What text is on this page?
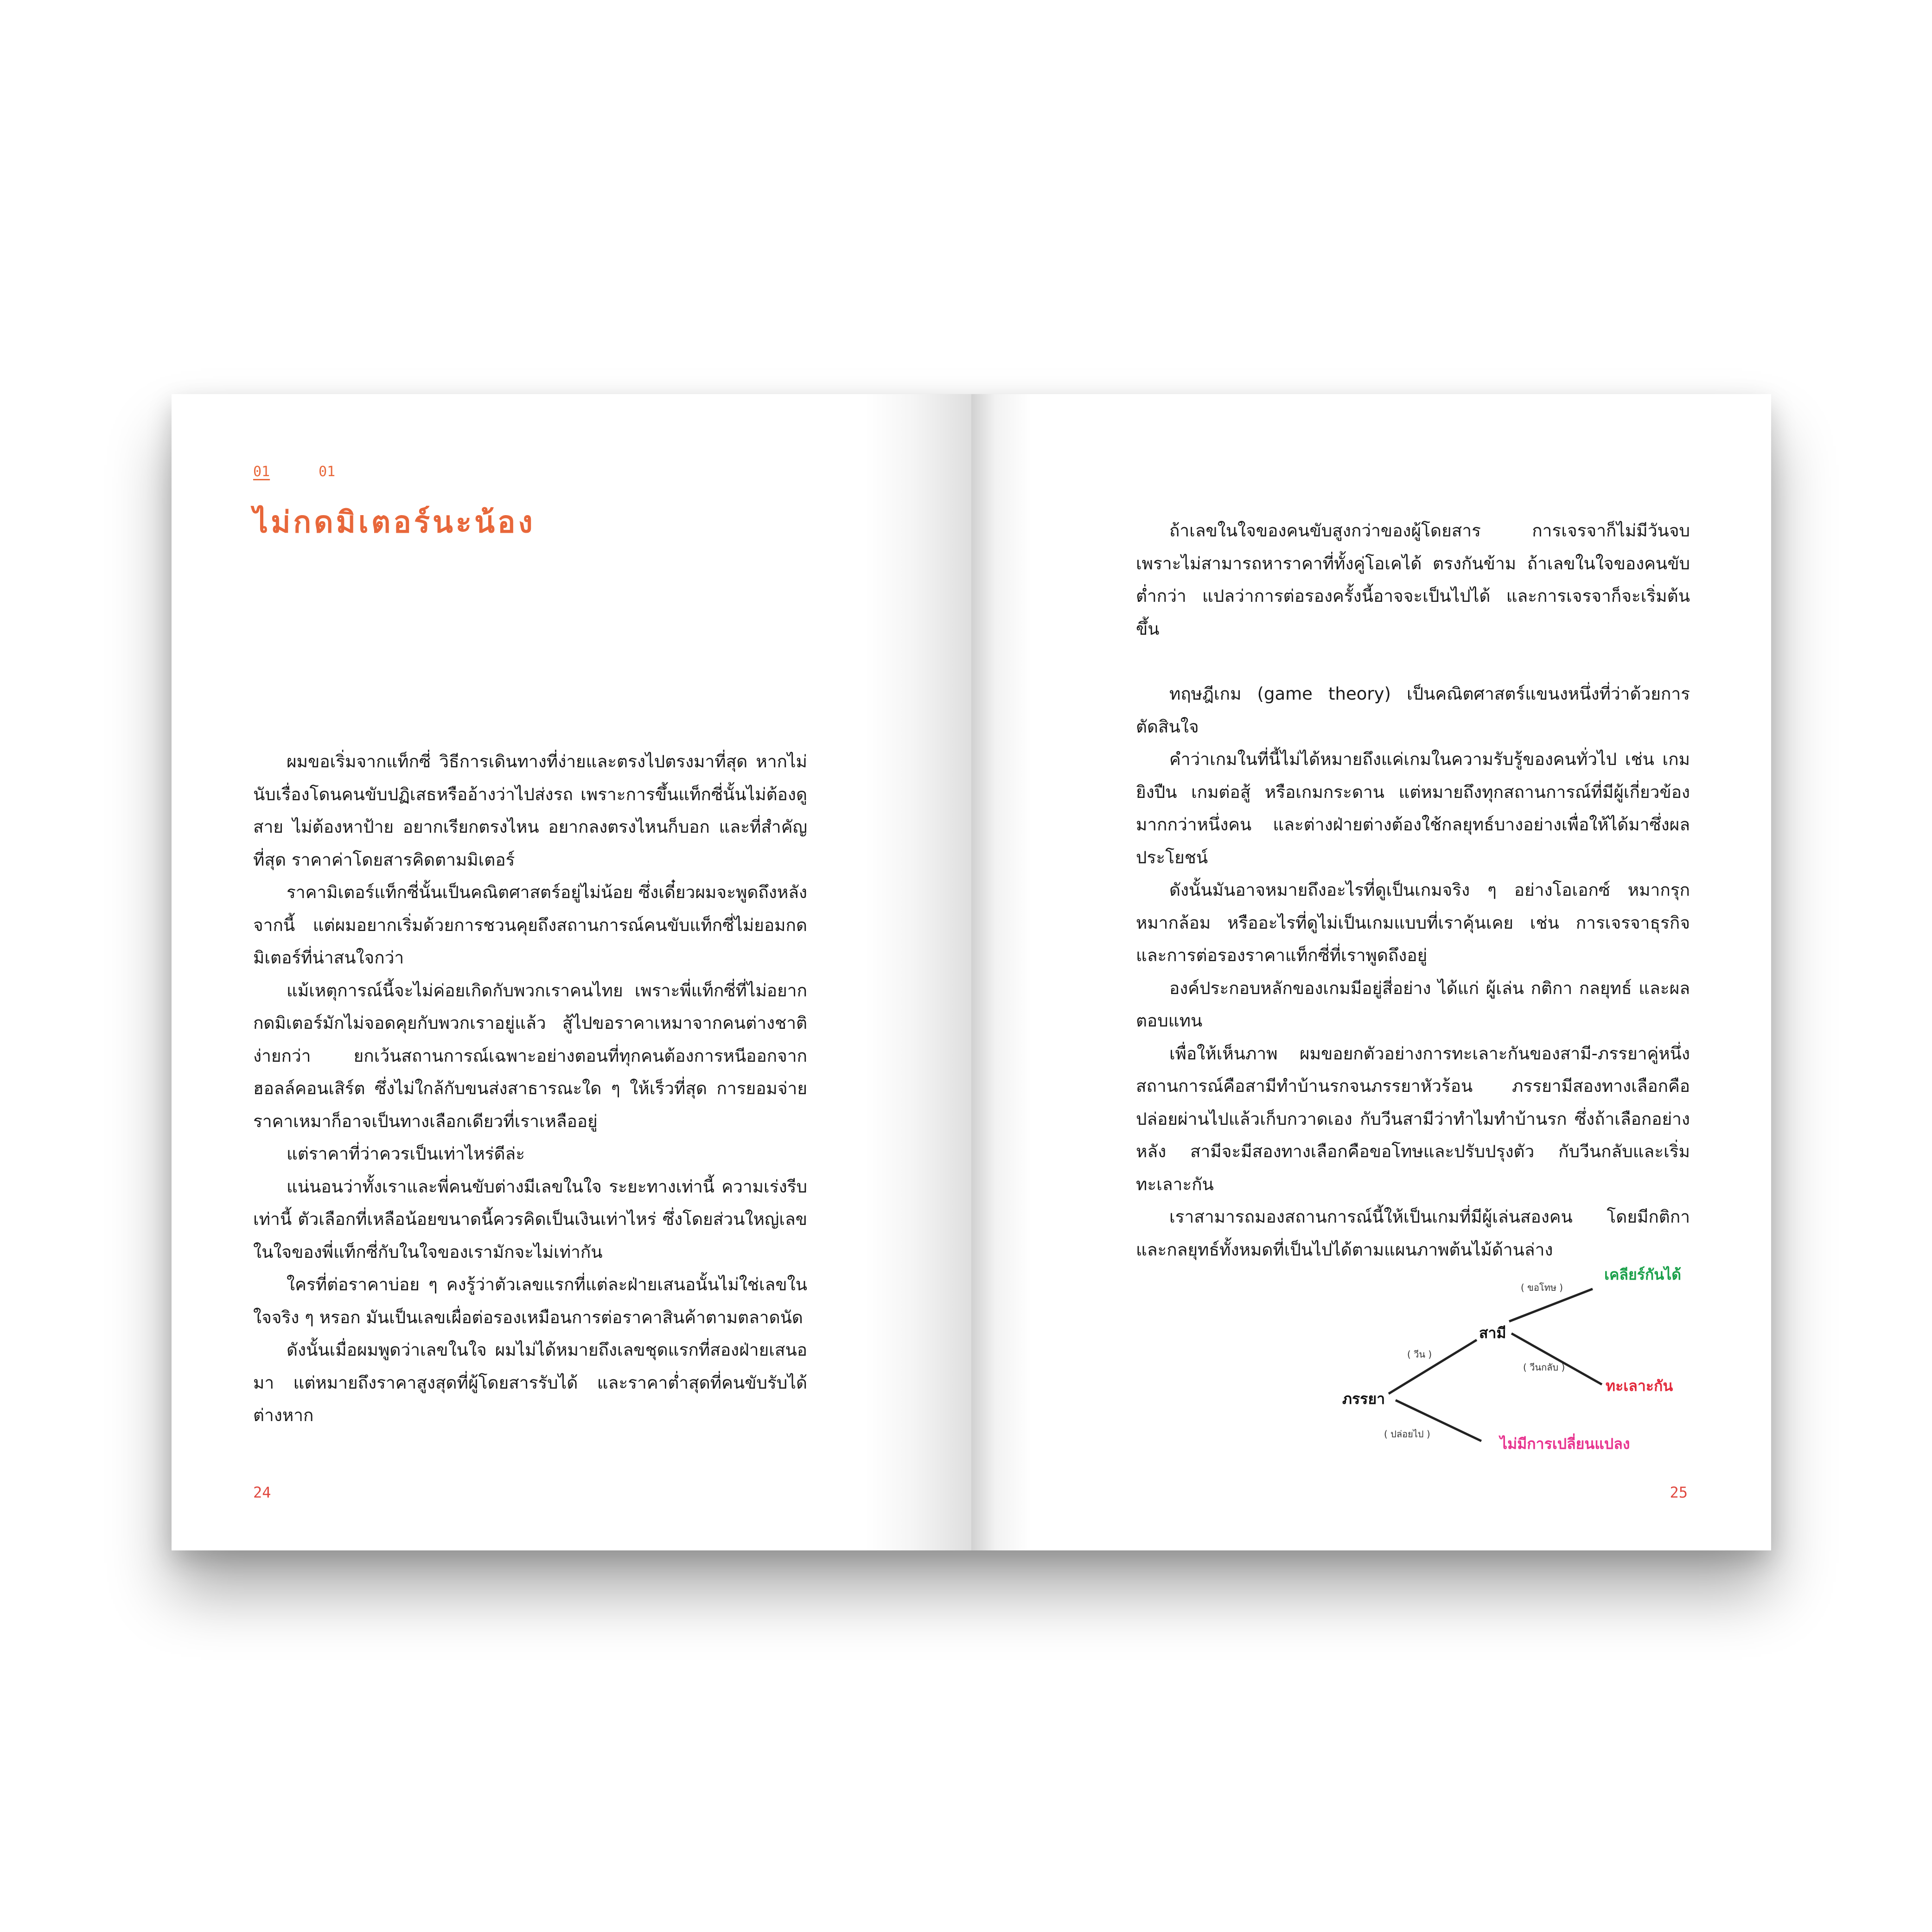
01	01
ไม่กดมิเตอร์นะน้อง

ผมขอเริ่มจากแท็กซี่ วิธีการเดินทางที่ง่ายและตรงไปตรงมาที่สุด หากไม่นับเรื่องโดนคนขับปฏิเสธหรืออ้างว่าไปส่งรถ เพราะการขึ้นแท็กซี่นั้นไม่ต้องดูสาย ไม่ต้องหาป้าย อยากเรียกตรงไหน อยากลงตรงไหนก็บอก และที่สำคัญที่สุด ราคาค่าโดยสารคิดตามมิเตอร์

ราคามิเตอร์แท็กซี่นั้นเป็นคณิตศาสตร์อยู่ไม่น้อย ซึ่งเดี๋ยวผมจะพูดถึงหลังจากนี้ แต่ผมอยากเริ่มด้วยการชวนคุยถึงสถานการณ์คนขับแท็กซี่ไม่ยอมกดมิเตอร์ที่น่าสนใจกว่า

แม้เหตุการณ์นี้จะไม่ค่อยเกิดกับพวกเราคนไทย เพราะพี่แท็กซี่ที่ไม่อยากกดมิเตอร์มักไม่จอดคุยกับพวกเราอยู่แล้ว สู้ไปขอราคาเหมาจากคนต่างชาติง่ายกว่า ยกเว้นสถานการณ์เฉพาะอย่างตอนที่ทุกคนต้องการหนีออกจากฮอลล์คอนเสิร์ต ซึ่งไม่ใกล้กับขนส่งสาธารณะใด ๆ ให้เร็วที่สุด การยอมจ่ายราคาเหมาก็อาจเป็นทางเลือกเดียวที่เราเหลืออยู่

แต่ราคาที่ว่าควรเป็นเท่าไหร่ดีล่ะ

แน่นอนว่าทั้งเราและพี่คนขับต่างมีเลขในใจ ระยะทางเท่านี้ ความเร่งรีบเท่านี้ ตัวเลือกที่เหลือน้อยขนาดนี้ควรคิดเป็นเงินเท่าไหร่ ซึ่งโดยส่วนใหญ่เลขในใจของพี่แท็กซี่กับในใจของเรามักจะไม่เท่ากัน

ใครที่ต่อราคาบ่อย ๆ คงรู้ว่าตัวเลขแรกที่แต่ละฝ่ายเสนอนั้นไม่ใช่เลขในใจจริง ๆ หรอก มันเป็นเลขเผื่อต่อรองเหมือนการต่อราคาสินค้าตามตลาดนัด

ดังนั้นเมื่อผมพูดว่าเลขในใจ ผมไม่ได้หมายถึงเลขชุดแรกที่สองฝ่ายเสนอมา แต่หมายถึงราคาสูงสุดที่ผู้โดยสารรับได้ และราคาต่ำสุดที่คนขับรับได้ต่างหาก

24

ถ้าเลขในใจของคนขับสูงกว่าของผู้โดยสาร การเจรจาก็ไม่มีวันจบ เพราะไม่สามารถหาราคาที่ทั้งคู่โอเคได้ ตรงกันข้าม ถ้าเลขในใจของคนขับต่ำกว่า แปลว่าการต่อรองครั้งนี้อาจจะเป็นไปได้ และการเจรจาก็จะเริ่มต้นขึ้น

ทฤษฎีเกม (game theory) เป็นคณิตศาสตร์แขนงหนึ่งที่ว่าด้วยการตัดสินใจ

คำว่าเกมในที่นี้ไม่ได้หมายถึงแค่เกมในความรับรู้ของคนทั่วไป เช่น เกมยิงปืน เกมต่อสู้ หรือเกมกระดาน แต่หมายถึงทุกสถานการณ์ที่มีผู้เกี่ยวข้องมากกว่าหนึ่งคน และต่างฝ่ายต่างต้องใช้กลยุทธ์บางอย่างเพื่อให้ได้มาซึ่งผลประโยชน์

ดังนั้นมันอาจหมายถึงอะไรที่ดูเป็นเกมจริง ๆ อย่างโอเอกซ์ หมากรุก หมากล้อม หรืออะไรที่ดูไม่เป็นเกมแบบที่เราคุ้นเคย เช่น การเจรจาธุรกิจ และการต่อรองราคาแท็กซี่ที่เราพูดถึงอยู่

องค์ประกอบหลักของเกมมีอยู่สี่อย่าง ได้แก่ ผู้เล่น กติกา กลยุทธ์ และผลตอบแทน

เพื่อให้เห็นภาพ ผมขอยกตัวอย่างการทะเลาะกันของสามี-ภรรยาคู่หนึ่ง สถานการณ์คือสามีทำบ้านรกจนภรรยาหัวร้อน ภรรยามีสองทางเลือกคือปล่อยผ่านไปแล้วเก็บกวาดเอง กับวีนสามีว่าทำไมทำบ้านรก ซึ่งถ้าเลือกอย่างหลัง สามีจะมีสองทางเลือกคือขอโทษและปรับปรุงตัว กับวีนกลับและเริ่มทะเลาะกัน

เราสามารถมองสถานการณ์นี้ให้เป็นเกมที่มีผู้เล่นสองคน โดยมีกติกาและกลยุทธ์ทั้งหมดที่เป็นไปได้ตามแผนภาพต้นไม้ด้านล่าง

ภรรยา
สามี
( วีน )
( ปล่อยไป )
( ขอโทษ )
( วีนกลับ )
เคลียร์กันได้
ทะเลาะกัน
ไม่มีการเปลี่ยนแปลง
25
